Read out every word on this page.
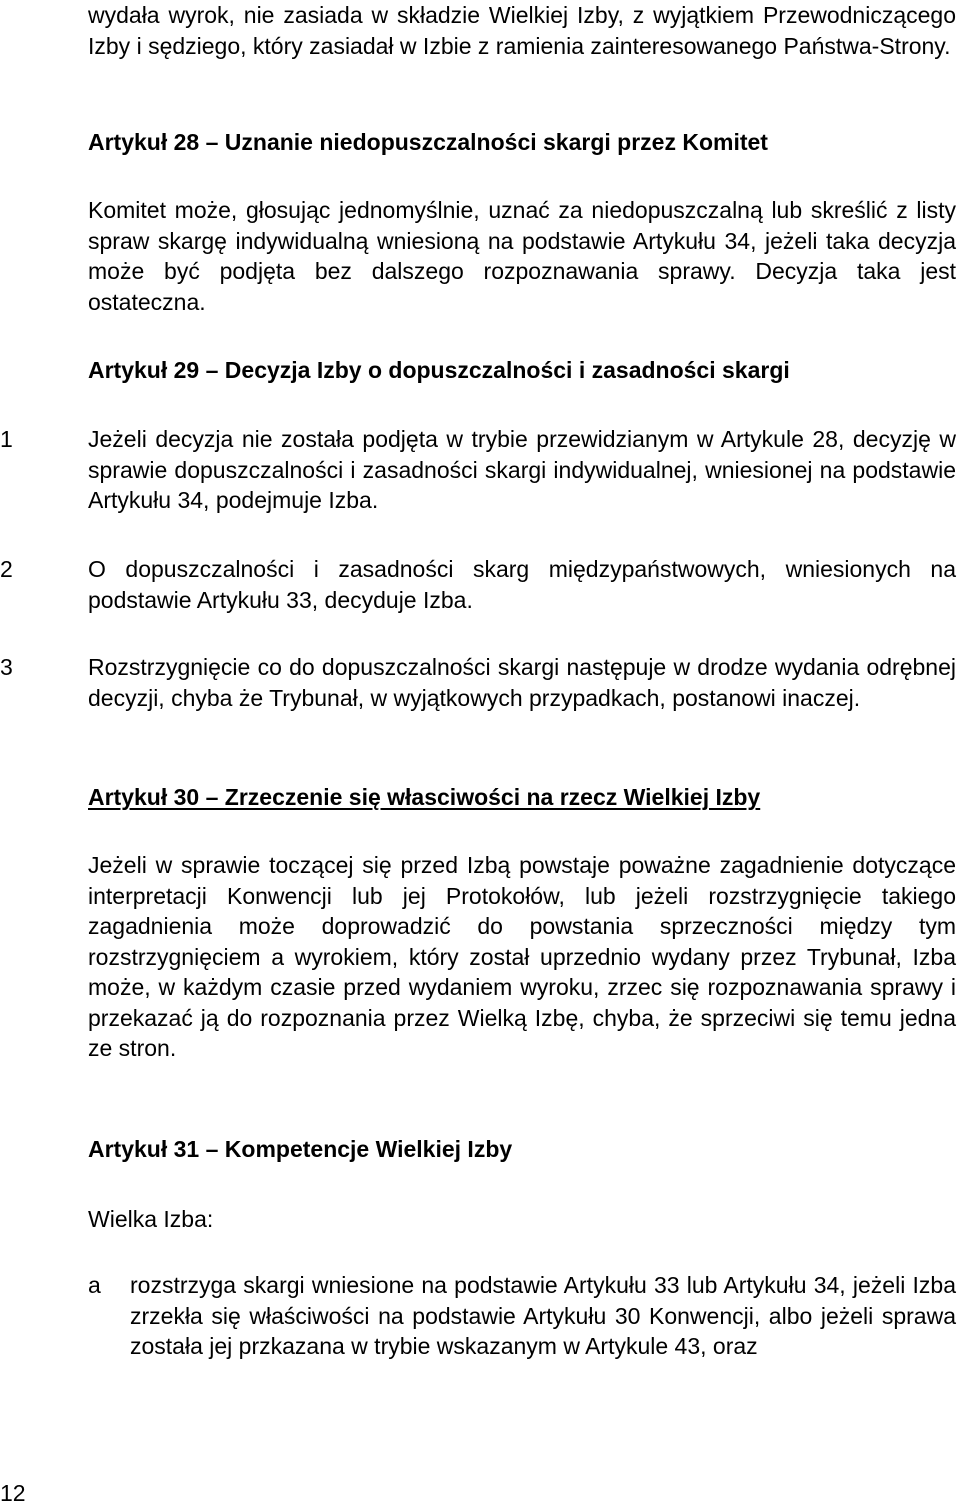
wydała wyrok, nie zasiada w składzie Wielkiej Izby, z wyjątkiem Przewodniczącego Izby i sędziego, który zasiadał w Izbie z ramienia zainteresowanego Państwa-Strony.

Artykuł 28 – Uznanie niedopuszczalności skargi przez Komitet

Komitet może, głosując jednomyślnie, uznać za niedopuszczalną lub skreślić z listy spraw skargę indywidualną wniesioną na podstawie Artykułu 34, jeżeli taka decyzja może być podjęta bez dalszego rozpoznawania sprawy. Decyzja taka jest ostateczna.

Artykuł 29 – Decyzja Izby o dopuszczalności i zasadności skargi
1	Jeżeli decyzja nie została podjęta w trybie przewidzianym w Artykule 28, decyzję w sprawie dopuszczalności i zasadności skargi indywidualnej, wniesionej na podstawie Artykułu 34, podejmuje Izba.
2	O dopuszczalności i zasadności skarg międzypaństwowych, wniesionych na podstawie Artykułu 33, decyduje Izba.
3	Rozstrzygnięcie co do dopuszczalności skargi następuje w drodze wydania odrębnej decyzji, chyba że Trybunał, w wyjątkowych przypadkach, postanowi inaczej.
Artykuł 30 – Zrzeczenie się własciwości na rzecz Wielkiej Izby

Jeżeli w sprawie toczącej się przed Izbą powstaje poważne zagadnienie dotyczące interpretacji Konwencji lub jej Protokołów, lub jeżeli rozstrzygnięcie takiego zagadnienia może doprowadzić do powstania sprzeczności między tym rozstrzygnięciem a wyrokiem, który został uprzednio wydany przez Trybunał, Izba może, w każdym czasie przed wydaniem wyroku, zrzec się rozpoznawania sprawy i przekazać ją do rozpoznania przez Wielką Izbę, chyba, że sprzeciwi się temu jedna ze stron.

Artykuł 31 – Kompetencje Wielkiej Izby

Wielka Izba:

a rozstrzyga skargi wniesione na podstawie Artykułu 33 lub Artykułu 34, jeżeli Izba zrzekła się właściwości na podstawie Artykułu 30 Konwencji, albo jeżeli sprawa została jej przkazana w trybie wskazanym w Artykule 43, oraz
12
